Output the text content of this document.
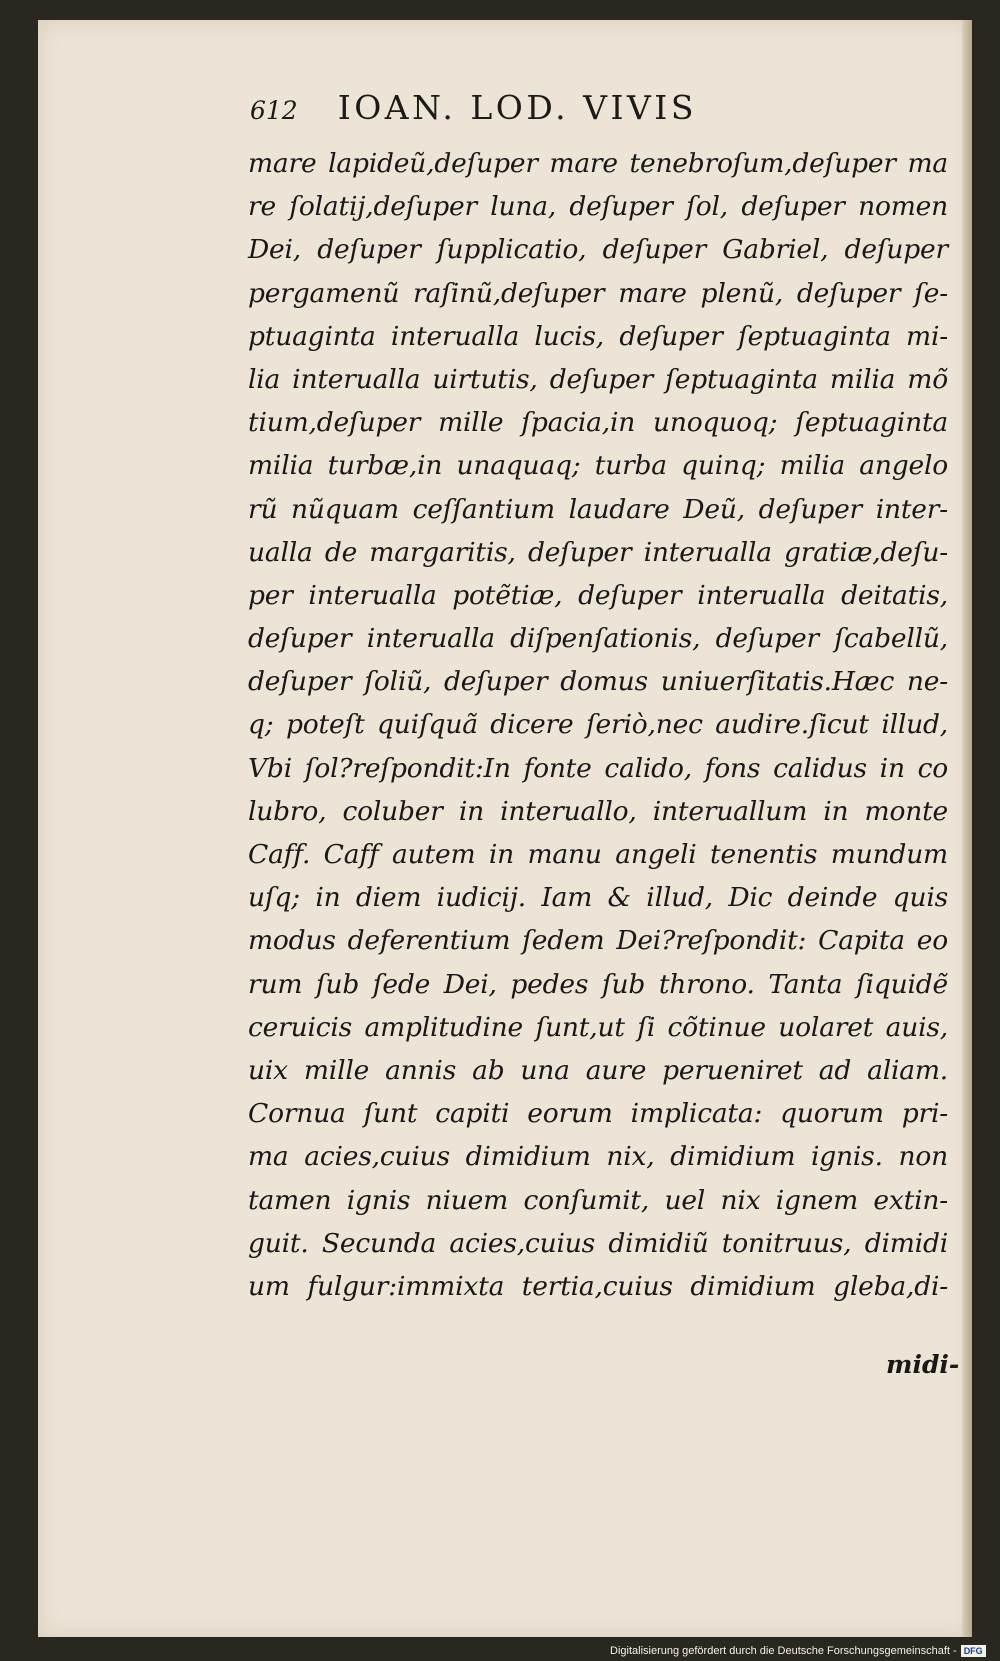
612 IOAN. LOD. VIVIS
mare lapideũ,deſuper mare tenebroſum,deſuper ma
re ſolatij,deſuper luna, deſuper ſol, deſuper nomen
Dei, deſuper ſupplicatio, deſuper Gabriel, deſuper
pergamenũ raſinũ,deſuper mare plenũ, deſuper ſe-
ptuaginta interualla lucis, deſuper ſeptuaginta mi-
lia interualla uirtutis, deſuper ſeptuaginta milia mõ
tium,deſuper mille ſpacia,in unoquoq; ſeptuaginta
milia turbæ,in unaquaq; turba quinq; milia angelo
rũ nũquam ceſſantium laudare Deũ, deſuper inter-
ualla de margaritis, deſuper interualla gratiæ,deſu-
per interualla potẽtiæ, deſuper interualla deitatis,
deſuper interualla diſpenſationis, deſuper ſcabellũ,
deſuper ſoliũ, deſuper domus uniuerſitatis.Hæc ne-
q; poteſt quiſquã dicere ſeriò,nec audire.ſicut illud,
Vbi ſol?reſpondit:In fonte calido, fons calidus in co
lubro, coluber in interuallo, interuallum in monte
Caff. Caff autem in manu angeli tenentis mundum
uſq; in diem iudicij. Iam & illud, Dic deinde quis
modus deferentium ſedem Dei?reſpondit: Capita eo
rum ſub ſede Dei, pedes ſub throno. Tanta ſiquidẽ
ceruicis amplitudine ſunt,ut ſi cõtinue uolaret auis,
uix mille annis ab una aure perueniret ad aliam.
Cornua ſunt capiti eorum implicata: quorum pri-
ma acies,cuius dimidium nix, dimidium ignis. non
tamen ignis niuem conſumit, uel nix ignem extin-
guit. Secunda acies,cuius dimidiũ tonitruus, dimidi
um fulgur:immixta tertia,cuius dimidium gleba,di-
midi-
Digitalisierung gefördert durch die Deutsche Forschungsgemeinschaft - DFG
